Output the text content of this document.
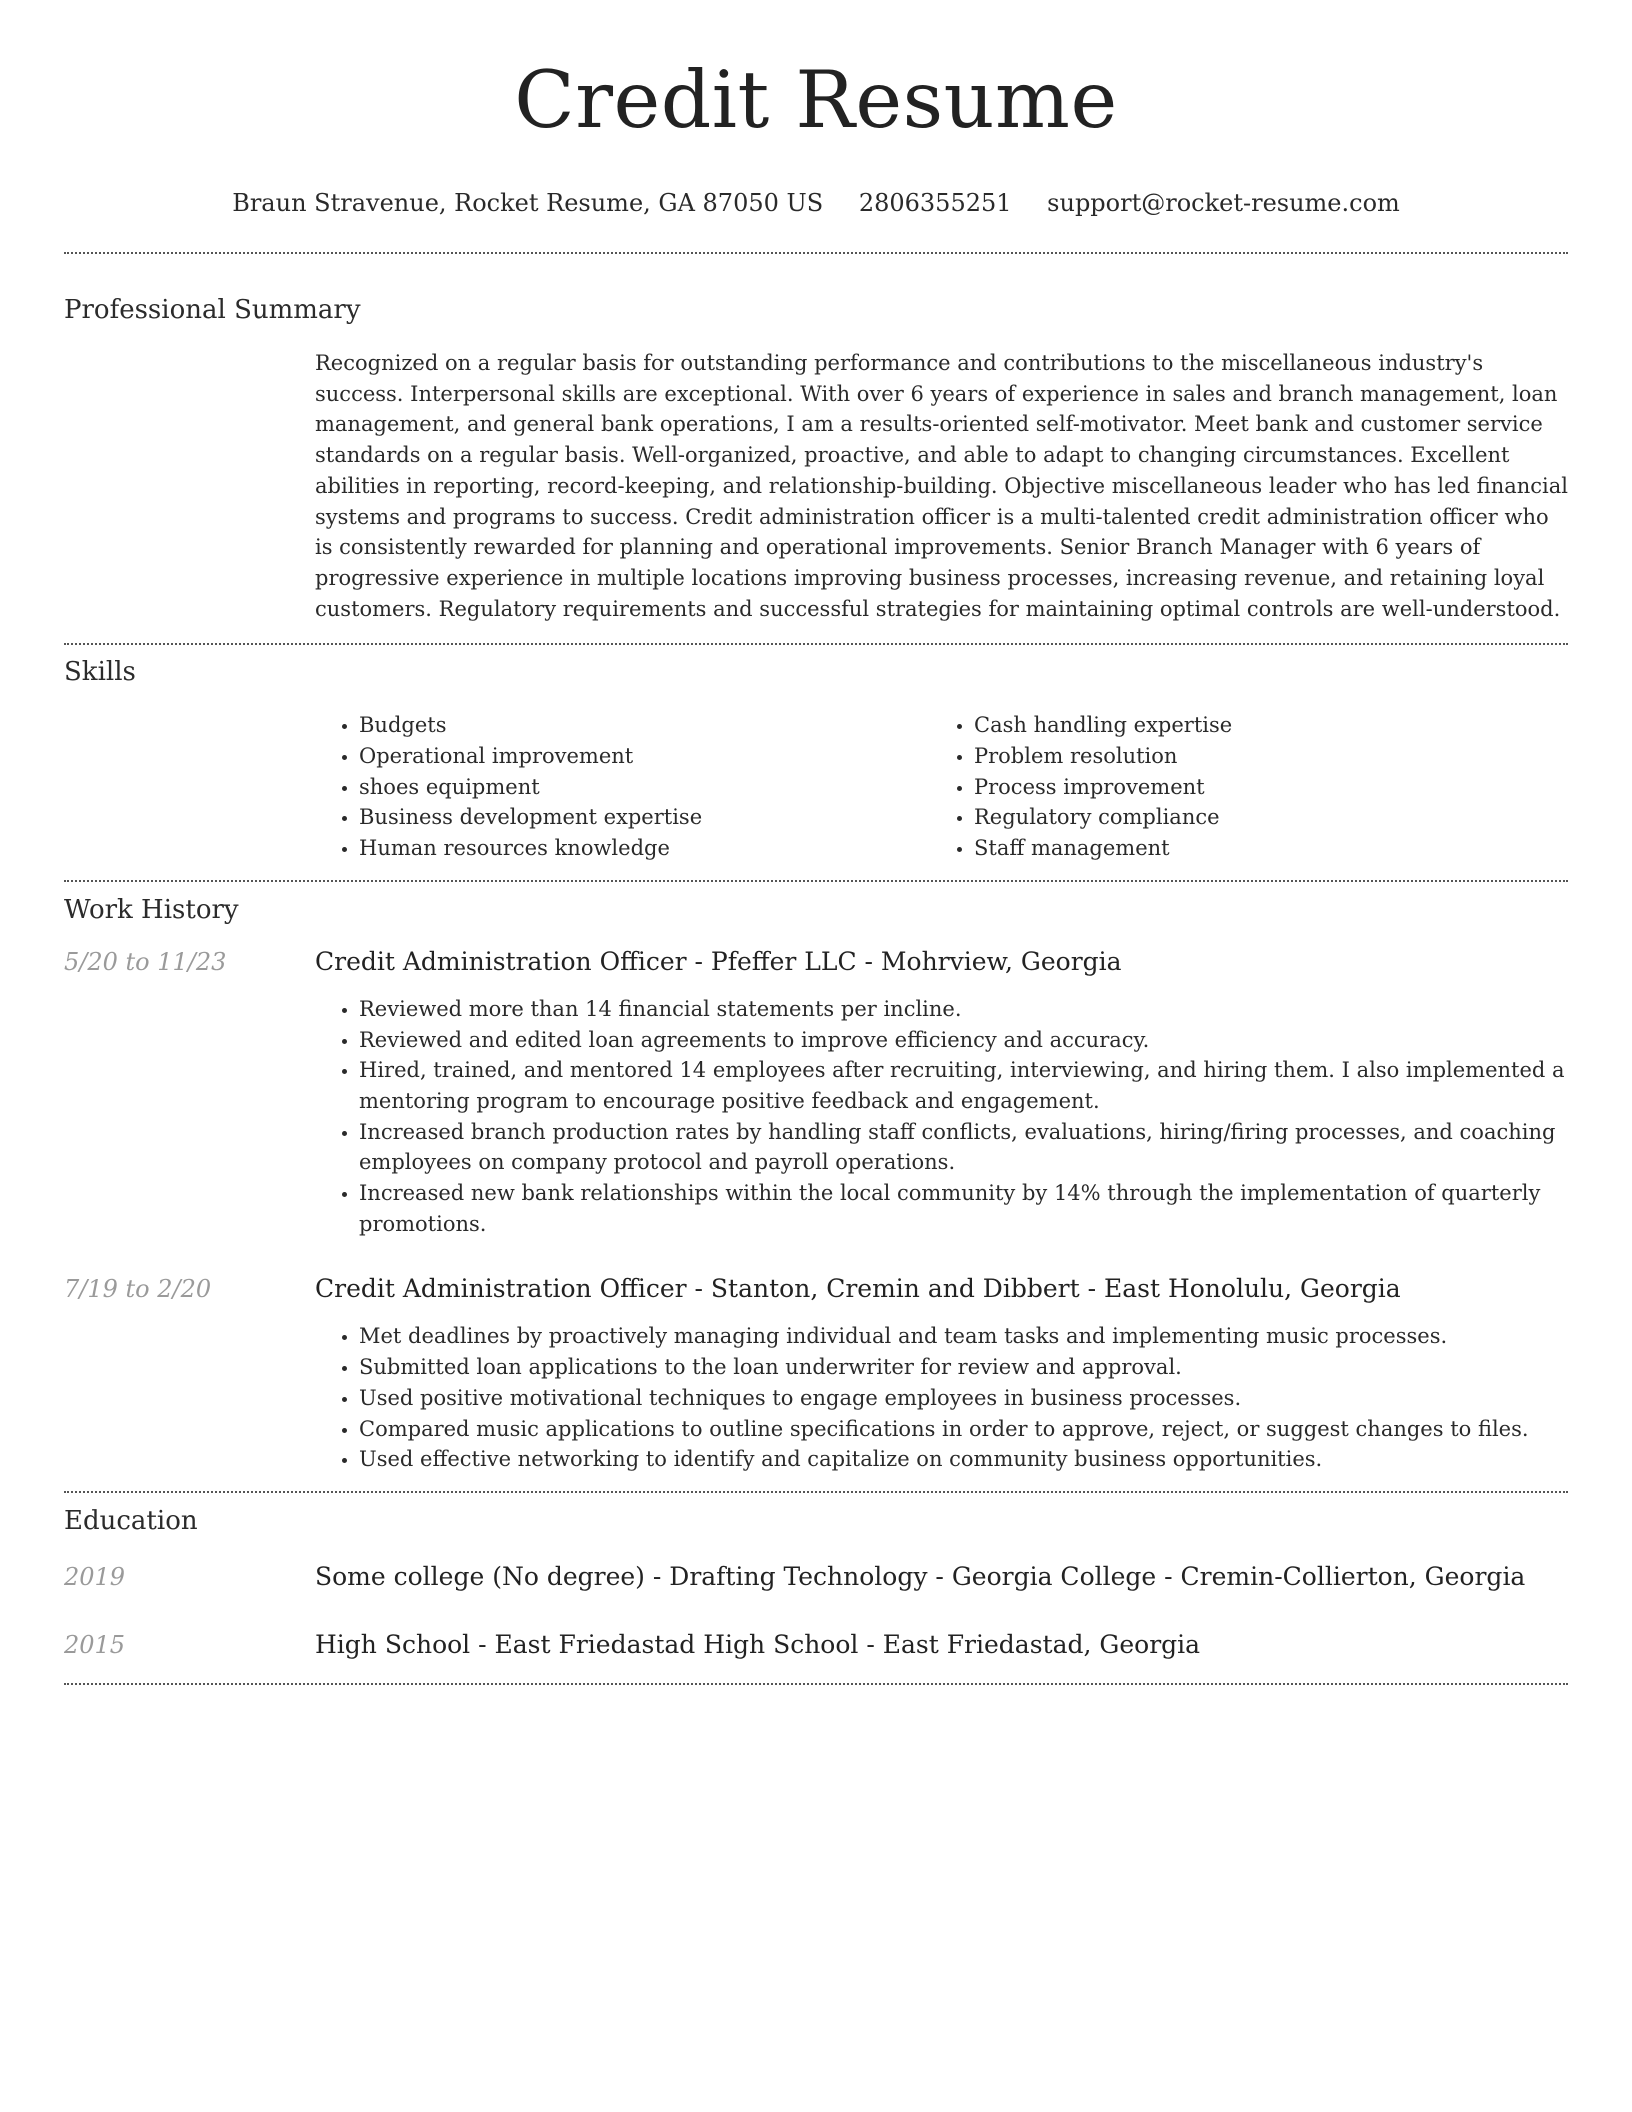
Credit Resume
Braun Stravenue, Rocket Resume, GA 87050 US 2806355251 support@rocket-resume.com
Professional Summary

Recognized on a regular basis for outstanding performance and contributions to the miscellaneous industry's success. Interpersonal skills are exceptional. With over 6 years of experience in sales and branch management, loan management, and general bank operations, I am a results-oriented self-motivator. Meet bank and customer service standards on a regular basis. Well-organized, proactive, and able to adapt to changing circumstances. Excellent abilities in reporting, record-keeping, and relationship-building. Objective miscellaneous leader who has led financial systems and programs to success. Credit administration officer is a multi-talented credit administration officer who is consistently rewarded for planning and operational improvements. Senior Branch Manager with 6 years of progressive experience in multiple locations improving business processes, increasing revenue, and retaining loyal customers. Regulatory requirements and successful strategies for maintaining optimal controls are well-understood.

Skills
• Budgets
• Operational improvement
• shoes equipment
• Business development expertise
• Human resources knowledge
• Cash handling expertise
• Problem resolution
• Process improvement
• Regulatory compliance
• Staff management
Work History
5/20 to 11/23	Credit Administration Officer - Pfeffer LLC - Mohrview, Georgia
• Reviewed more than 14 financial statements per incline.
• Reviewed and edited loan agreements to improve efficiency and accuracy.
• Hired, trained, and mentored 14 employees after recruiting, interviewing, and hiring them. I also implemented a mentoring program to encourage positive feedback and engagement.
• Increased branch production rates by handling staff conflicts, evaluations, hiring/firing processes, and coaching employees on company protocol and payroll operations.
• Increased new bank relationships within the local community by 14% through the implementation of quarterly promotions.
7/19 to 2/20	Credit Administration Officer - Stanton, Cremin and Dibbert - East Honolulu, Georgia
• Met deadlines by proactively managing individual and team tasks and implementing music processes.
• Submitted loan applications to the loan underwriter for review and approval.
• Used positive motivational techniques to engage employees in business processes.
• Compared music applications to outline specifications in order to approve, reject, or suggest changes to files.
• Used effective networking to identify and capitalize on community business opportunities.
Education
2019	Some college (No degree) - Drafting Technology - Georgia College - Cremin-Collierton, Georgia
2015	High School - East Friedastad High School - East Friedastad, Georgia
